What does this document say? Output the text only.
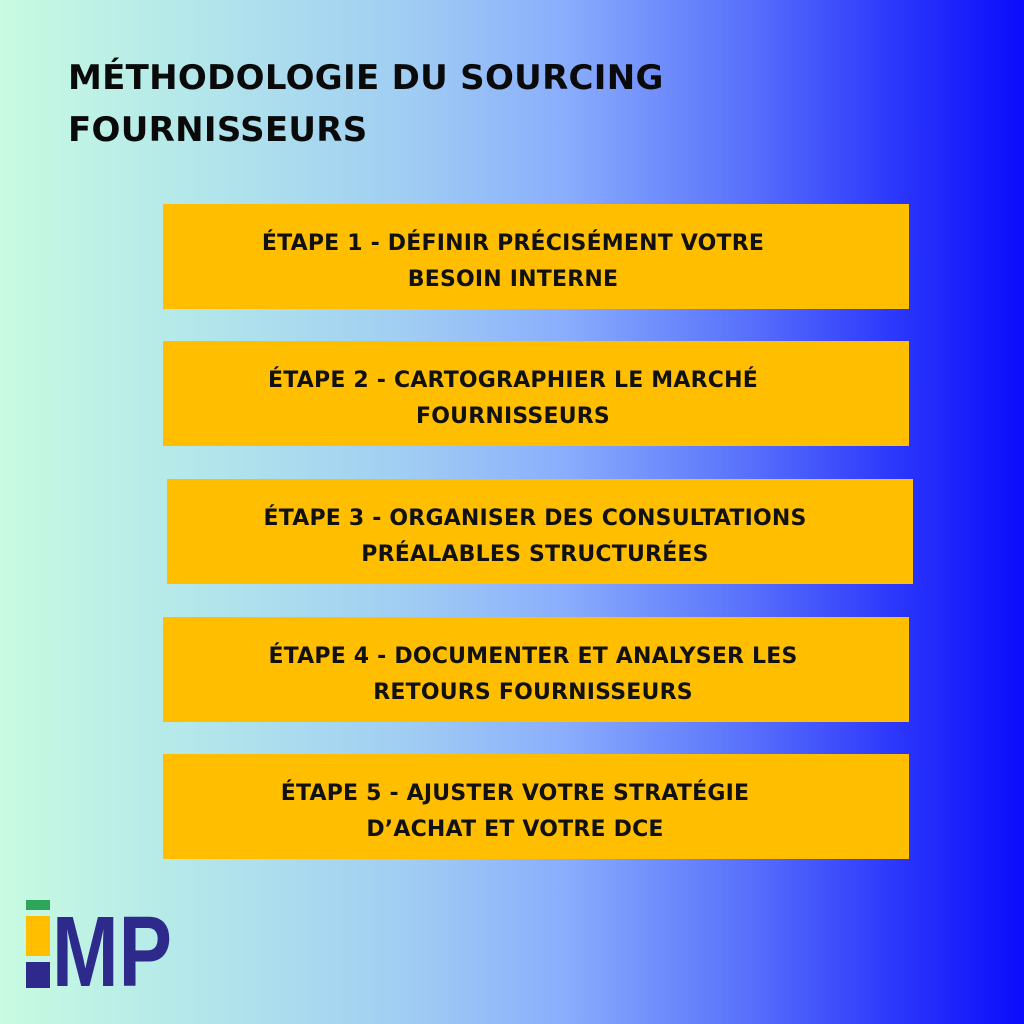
MÉTHODOLOGIE DU SOURCING
FOURNISSEURS
ÉTAPE 1 - DÉFINIR PRÉCISÉMENT VOTRE
BESOIN INTERNE
ÉTAPE 2 - CARTOGRAPHIER LE MARCHÉ
FOURNISSEURS
ÉTAPE 3 - ORGANISER DES CONSULTATIONS
PRÉALABLES STRUCTURÉES
ÉTAPE 4 - DOCUMENTER ET ANALYSER LES
RETOURS FOURNISSEURS
ÉTAPE 5 - AJUSTER VOTRE STRATÉGIE
D’ACHAT ET VOTRE DCE
MP
